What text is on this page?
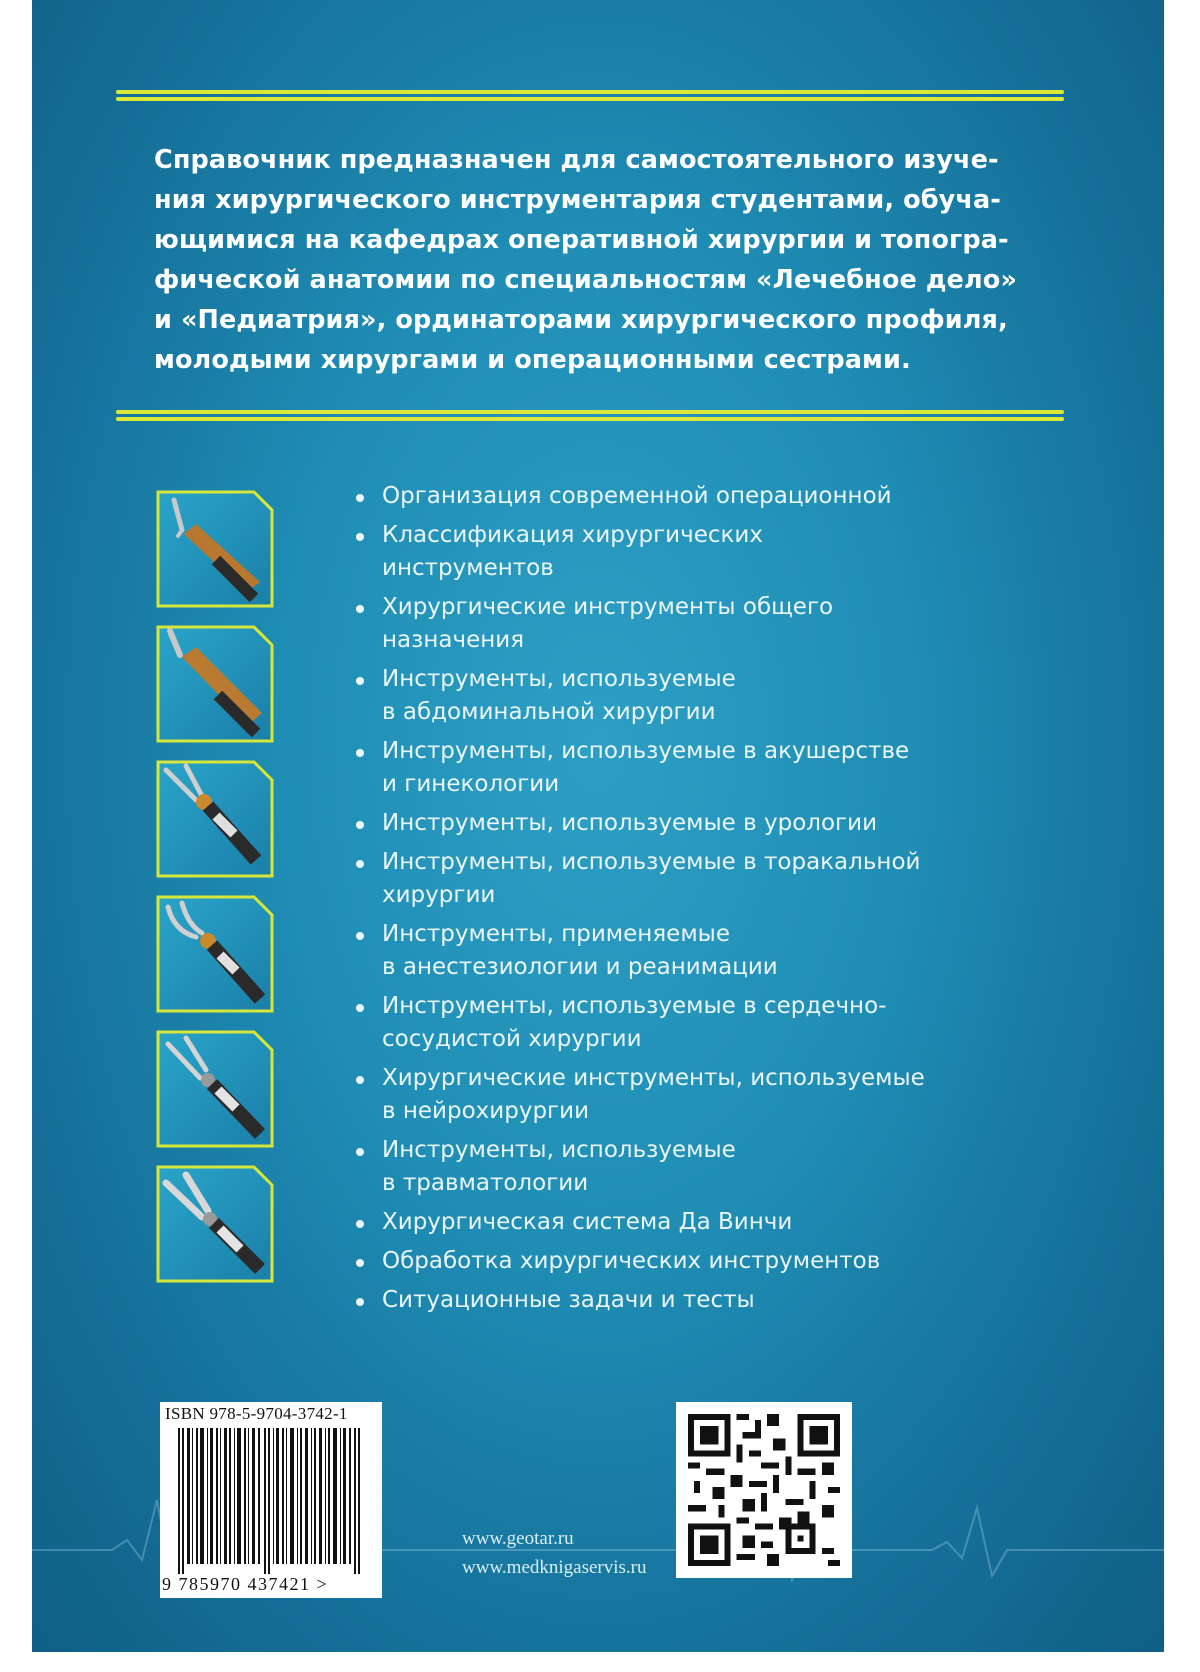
Справочник предназначен для самостоятельного изуче-
ния хирургического инструментария студентами, обуча-
ющимися на кафедрах оперативной хирургии и топогра-
фической анатомии по специальностям «Лечебное дело»
и «Педиатрия», ординаторами хирургического профиля,
молодыми хирургами и операционными сестрами.
Организация современной операционной
Классификация хирургических
инструментов
Хирургические инструменты общего
назначения
Инструменты, используемые
в абдоминальной хирургии
Инструменты, используемые в акушерстве
и гинекологии
Инструменты, используемые в урологии
Инструменты, используемые в торакальной
хирургии
Инструменты, применяемые
в анестезиологии и реанимации
Инструменты, используемые в сердечно-
сосудистой хирургии
Хирургические инструменты, используемые
в нейрохирургии
Инструменты, используемые
в травматологии
Хирургическая система Да Винчи
Обработка хирургических инструментов
Ситуационные задачи и тесты
www.geotar.ru
www.medknigaservis.ru
ISBN 978-5-9704-3742-1
9 785970 437421 >
